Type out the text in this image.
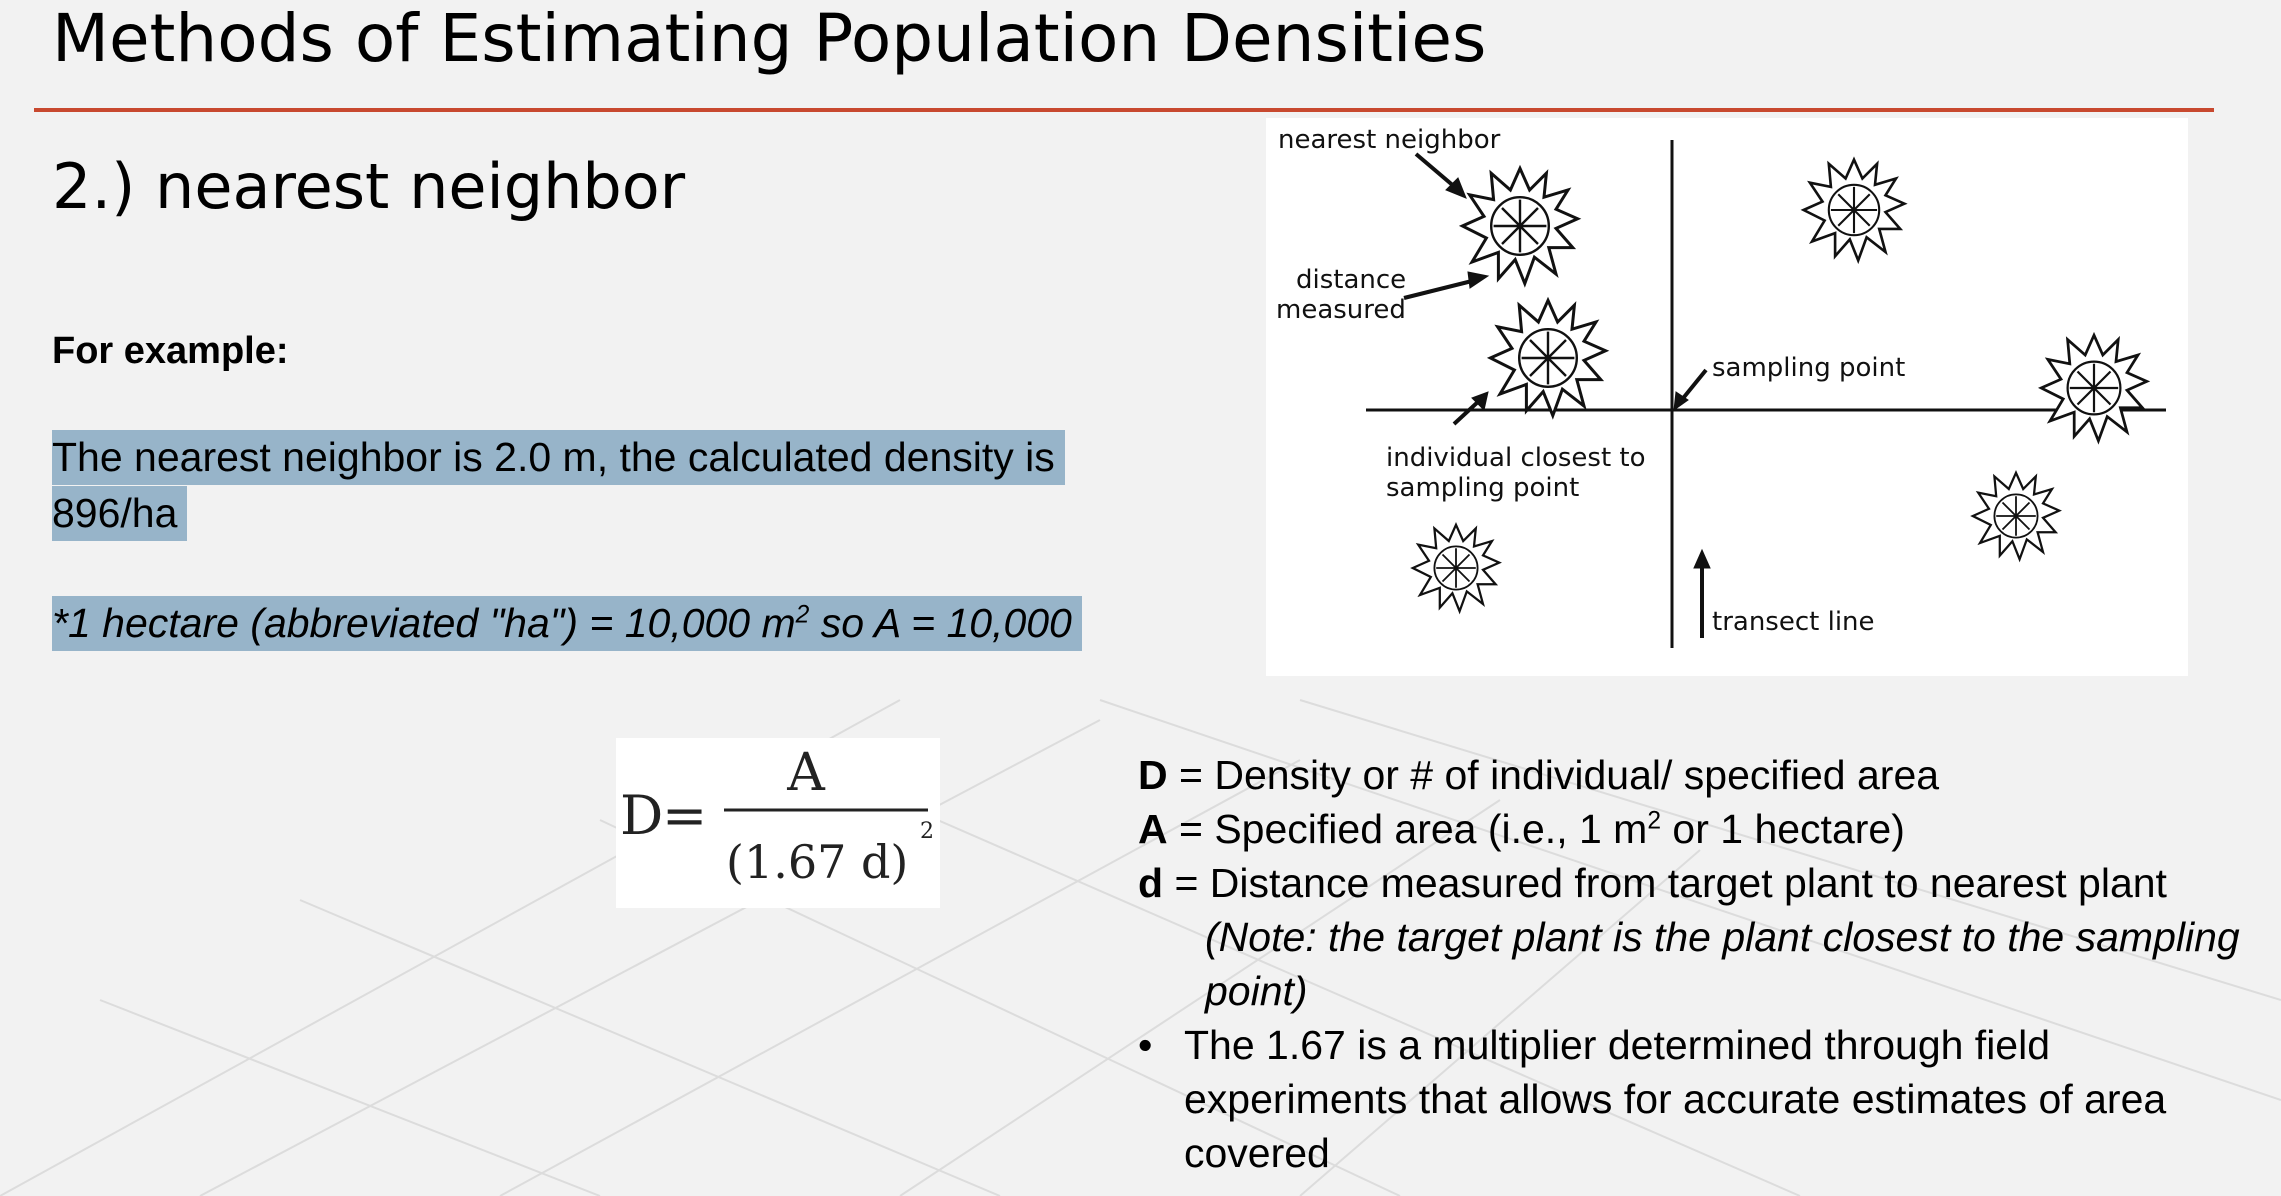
Methods of Estimating Population Densities
2.) nearest neighbor
For example:
The nearest neighbor is 2.0 m, the calculated density is
896/ha
*1 hectare (abbreviated "ha") = 10,000 $m^2$ so A = 10,000
D
=
A
(1.67 d)
2
nearest neighbor
distance
measured
individual closest to
sampling point
sampling point
transect line
D = Density or # of individual/ specified area
A = Specified area (i.e., 1 $m^2$ or 1 hectare)
d = Distance measured from target plant to nearest plant
(Note: the target plant is the plant closest to the sampling
point)
• The 1.67 is a multiplier determined through field
experiments that allows for accurate estimates of area
covered
